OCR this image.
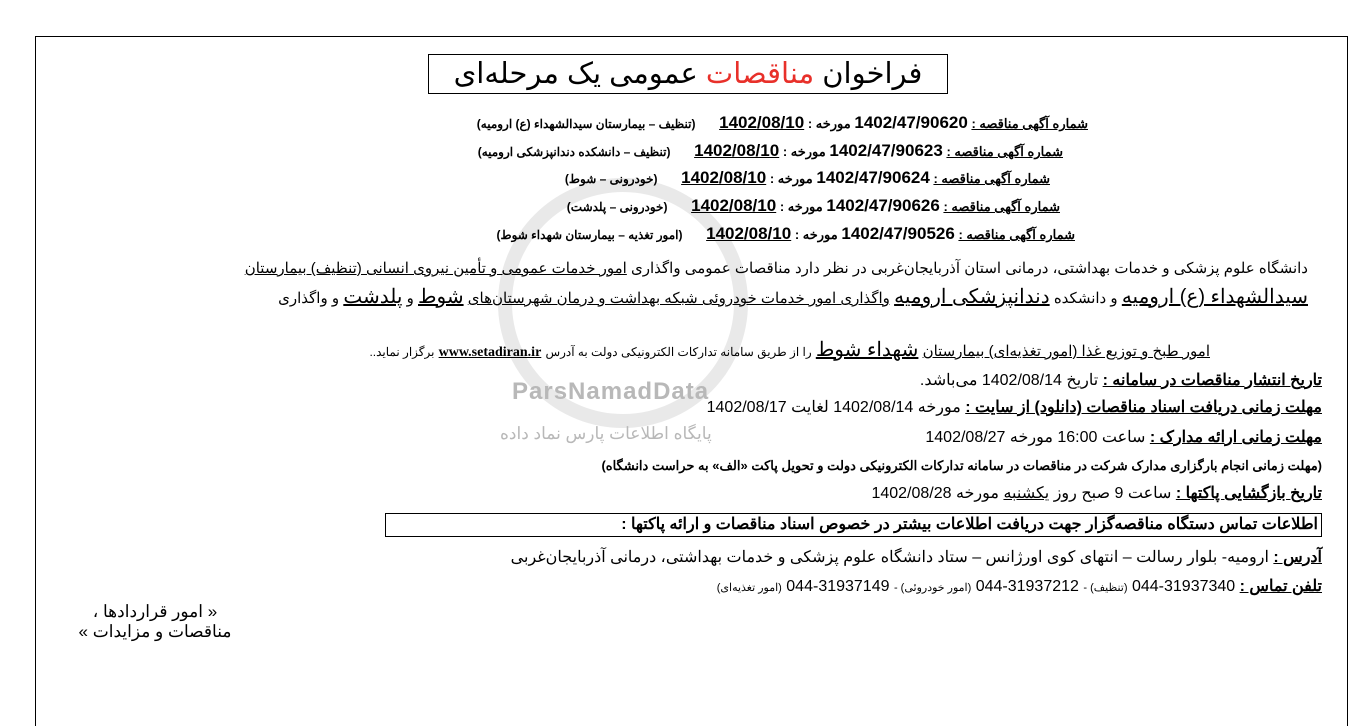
ParsNamadData
پایگاه اطلاعات پارس نماد داده
فراخوان مناقصات عمومی یک مرحله‌ای
شماره آگهی مناقصه : 1402/47/90620 مورخه : 1402/08/10 (تنظیف – بیمارستان سیدالشهداء (ع) ارومیه)
شماره آگهی مناقصه : 1402/47/90623 مورخه : 1402/08/10 (تنظیف – دانشکده دندانپزشکی ارومیه)
شماره آگهی مناقصه : 1402/47/90624 مورخه : 1402/08/10 (خودرونی – شوط)
شماره آگهی مناقصه : 1402/47/90626 مورخه : 1402/08/10 (خودرونی – پلدشت)
شماره آگهی مناقصه : 1402/47/90526 مورخه : 1402/08/10 (امور تغذیه – بیمارستان شهداء شوط)
دانشگاه علوم پزشکی و خدمات بهداشتی، درمانی استان آذربایجان‌غربی در نظر دارد مناقصات عمومی واگذاری امور خدمات عمومی و تأمین نیروی انسانی (تنظیف) بیمارستان
سیدالشهداء (ع) ارومیه و دانشکده دندانپزشکی ارومیه واگذاری امور خدمات خودروئی شبکه بهداشت و درمان شهرستان‌های شوط و پلدشت و واگذاری
امور طبخ و توزیع غذا (امور تغذیه‌ای) بیمارستان شهداء شوط را از طریق سامانه تدارکات الکترونیکی دولت به آدرس www.setadiran.ir برگزار نماید..
تاریخ انتشار مناقصات در سامانه : تاریخ 1402/08/14 می‌باشد.
مهلت زمانی دریافت اسناد مناقصات (دانلود) از سایت : مورخه 1402/08/14 لغایت 1402/08/17
مهلت زمانی ارائه مدارک : ساعت 16:00 مورخه 1402/08/27
(مهلت زمانی انجام بارگزاری مدارک شرکت در مناقصات در سامانه تدارکات الکترونیکی دولت و تحویل پاکت «الف» به حراست دانشگاه)
تاریخ بازگشایی پاکتها : ساعت 9 صبح روز یکشنبه مورخه 1402/08/28
اطلاعات تماس دستگاه مناقصه‌گزار جهت دریافت اطلاعات بیشتر در خصوص اسناد مناقصات و ارائه پاکتها :
آدرس : ارومیه- بلوار رسالت – انتهای کوی اورژانس – ستاد دانشگاه علوم پزشکی و خدمات بهداشتی، درمانی آذربایجان‌غربی
تلفن تماس : 31937340-044 (تنظیف) - 31937212-044 (امور خودروئی) - 31937149-044 (امور تغذیه‌ای)
« امور قراردادها ، مناقصات و مزایدات »
